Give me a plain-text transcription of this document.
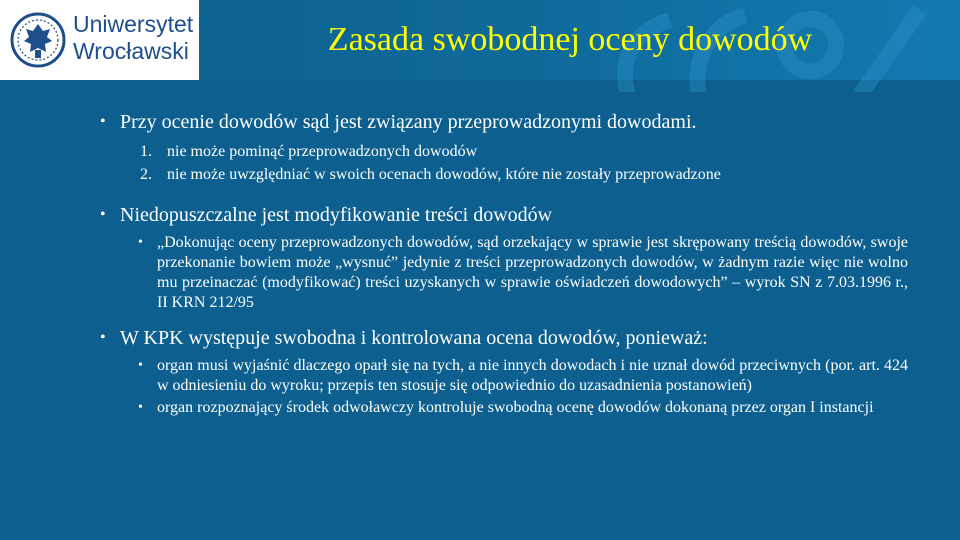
Uniwersytet
Wrocławski	Zasada swobodnej oceny dowodów
• Przy ocenie dowodów sąd jest związany przeprowadzonymi dowodami.
1. nie może pominąć przeprowadzonych dowodów
2. nie może uwzględniać w swoich ocenach dowodów, które nie zostały przeprowadzone
• Niedopuszczalne jest modyfikowanie treści dowodów
• „Dokonując oceny przeprowadzonych dowodów, sąd orzekający w sprawie jest skrępowany treścią dowodów, swoje przekonanie bowiem może „wysnuć” jedynie z treści przeprowadzonych dowodów, w żadnym razie więc nie wolno mu przeinaczać (modyfikować) treści uzyskanych w sprawie oświadczeń dowodowych” – wyrok SN z 7.03.1996 r., II KRN 212/95
• W KPK występuje swobodna i kontrolowana ocena dowodów, ponieważ:
• organ musi wyjaśnić dlaczego oparł się na tych, a nie innych dowodach i nie uznał dowód przeciwnych (por. art. 424 w odniesieniu do wyroku; przepis ten stosuje się odpowiednio do uzasadnienia postanowień)
• organ rozpoznający środek odwoławczy kontroluje swobodną ocenę dowodów dokonaną przez organ I instancji
